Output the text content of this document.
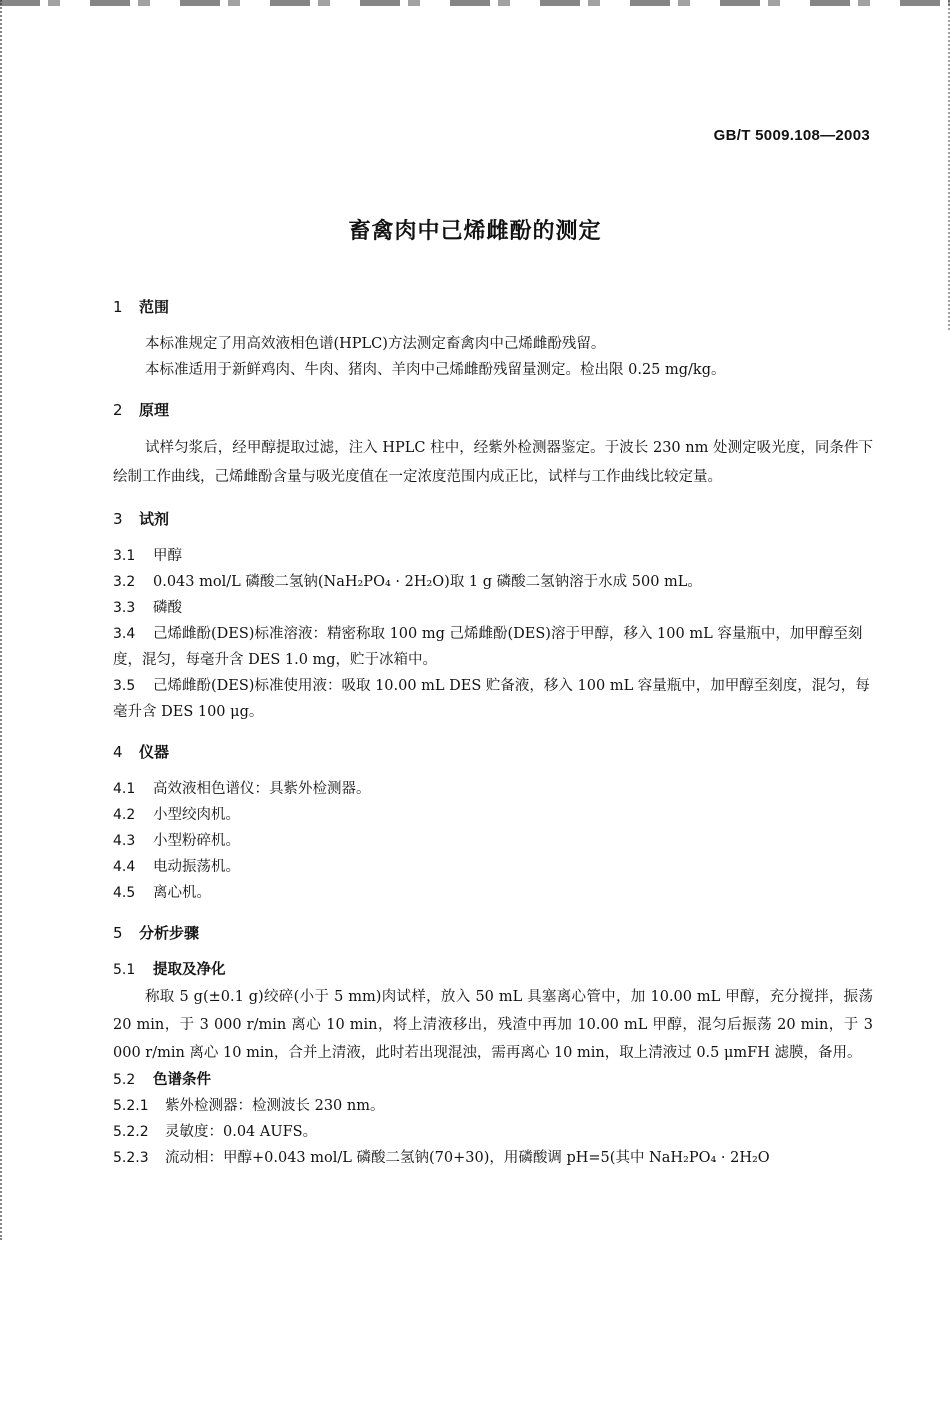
GB/T 5009.108—2003
畜禽肉中己烯雌酚的测定
1 范围

本标准规定了用高效液相色谱(HPLC)方法测定畜禽肉中己烯雌酚残留。

本标准适用于新鲜鸡肉、牛肉、猪肉、羊肉中己烯雌酚残留量测定。检出限 0.25 mg/kg。

2 原理

试样匀浆后，经甲醇提取过滤，注入 HPLC 柱中，经紫外检测器鉴定。于波长 230 nm 处测定吸光度，同条件下绘制工作曲线，己烯雌酚含量与吸光度值在一定浓度范围内成正比，试样与工作曲线比较定量。

3 试剂

3.1 甲醇

3.2 0.043 mol/L 磷酸二氢钠(NaH₂PO₄ · 2H₂O)取 1 g 磷酸二氢钠溶于水成 500 mL。

3.3 磷酸

3.4 己烯雌酚(DES)标准溶液：精密称取 100 mg 己烯雌酚(DES)溶于甲醇，移入 100 mL 容量瓶中，加甲醇至刻度，混匀，每毫升含 DES 1.0 mg，贮于冰箱中。

3.5 己烯雌酚(DES)标准使用液：吸取 10.00 mL DES 贮备液，移入 100 mL 容量瓶中，加甲醇至刻度，混匀，每毫升含 DES 100 μg。

4 仪器

4.1 高效液相色谱仪：具紫外检测器。

4.2 小型绞肉机。

4.3 小型粉碎机。

4.4 电动振荡机。

4.5 离心机。

5 分析步骤

5.1 提取及净化

称取 5 g(±0.1 g)绞碎(小于 5 mm)肉试样，放入 50 mL 具塞离心管中，加 10.00 mL 甲醇，充分搅拌，振荡 20 min，于 3 000 r/min 离心 10 min，将上清液移出，残渣中再加 10.00 mL 甲醇，混匀后振荡 20 min，于 3 000 r/min 离心 10 min，合并上清液，此时若出现混浊，需再离心 10 min，取上清液过 0.5 μmFH 滤膜，备用。

5.2 色谱条件

5.2.1 紫外检测器：检测波长 230 nm。

5.2.2 灵敏度：0.04 AUFS。

5.2.3 流动相：甲醇+0.043 mol/L 磷酸二氢钠(70+30)，用磷酸调 pH=5(其中 NaH₂PO₄ · 2H₂O
